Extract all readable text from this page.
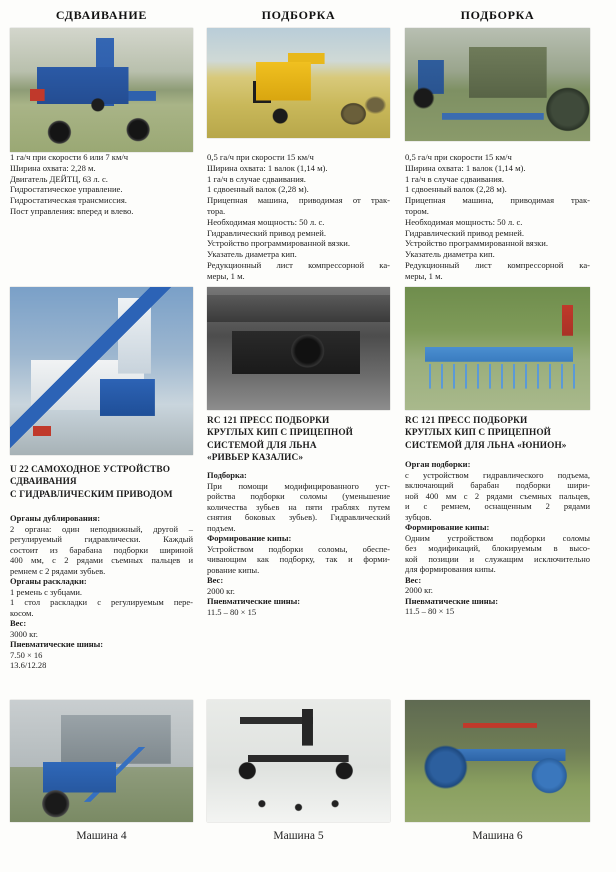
СДВАИВАНИЕ	ПОДБОРКА	ПОДБОРКА
1 га/ч при скорости 6 или 7 км/ч
Ширина охвата: 2,28 м.
Двигатель ДЕЙТЦ, 63 л. с.
Гидростатическое управление.
Гидростатическая трансмиссия.
Пост управления: вперед и влево.
0,5 га/ч при скорости 15 км/ч
Ширина охвата: 1 валок (1,14 м).
1 га/ч в случае сдваивания.
1 сдвоенный валок (2,28 м).
Прицепная машина, приводимая от трак-
тора.
Необходимая мощность: 50 л. с.
Гидравлический привод ремней.
Устройство программированной вязки.
Указатель диаметра кип.
Редукционный лист компрессорной ка-
меры, 1 м.
0,5 га/ч при скорости 15 км/ч
Ширина охвата: 1 валок (1,14 м).
1 га/ч в случае сдваивания.
1 сдвоенный валок (2,28 м).
Прицепная машина, приводимая трак-
тором.
Необходимая мощность: 50 л. с.
Гидравлический привод ремней.
Устройство программированной вязки.
Указатель диаметра кип.
Редукционный лист компрессорной ка-
меры, 1 м.
U 22 САМОХОДНОЕ УСТРОЙСТВО
СДВАИВАНИЯ
С ГИДРАВЛИЧЕСКИМ ПРИВОДОМ
RC 121 ПРЕСС ПОДБОРКИ
КРУГЛЫХ КИП С ПРИЦЕПНОЙ
СИСТЕМОЙ ДЛЯ ЛЬНА
«РИВЬЕР КАЗАЛИС»
RC 121 ПРЕСС ПОДБОРКИ
КРУГЛЫХ КИП С ПРИЦЕПНОЙ
СИСТЕМОЙ ДЛЯ ЛЬНА «ЮНИОН»
Органы дублирования:
2 органа: один неподвижный, другой –
регулируемый гидравлически. Каждый
состоит из барабана подборки шириной
400 мм, с 2 рядами съемных пальцев и
ремнем с 2 рядами зубьев.
Органы раскладки:
1 ремень с зубцами.
1 стол раскладки с регулируемым пере-
косом.
Вес:
3000 кг.
Пневматические шины:
7.50 × 16
13.6/12.28
Подборка:
При помощи модифицированного уст-
ройства подборки соломы (уменьшение
количества зубьев на пяти граблях путем
снятия боковых зубьев). Гидравлический
подъем.
Формирование кипы:
Устройством подборки соломы, обеспе-
чивающим как подборку, так и форми-
рование кипы.
Вес:
2000 кг.
Пневматические шины:
11.5 – 80 × 15
Орган подборки:
с устройством гидравлического подъема,
включающий барабан подборки шири-
ной 400 мм с 2 рядами съемных пальцев,
и с ремнем, оснащенным 2 рядами
зубцов.
Формирование кипы:
Одним устройством подборки соломы
без модификаций, блокируемым в высо-
кой позиции и служащим исключительно
для формирования кипы.
Вес:
2000 кг.
Пневматические шины:
11.5 – 80 × 15
Машина 4	Машина 5	Машина 6
